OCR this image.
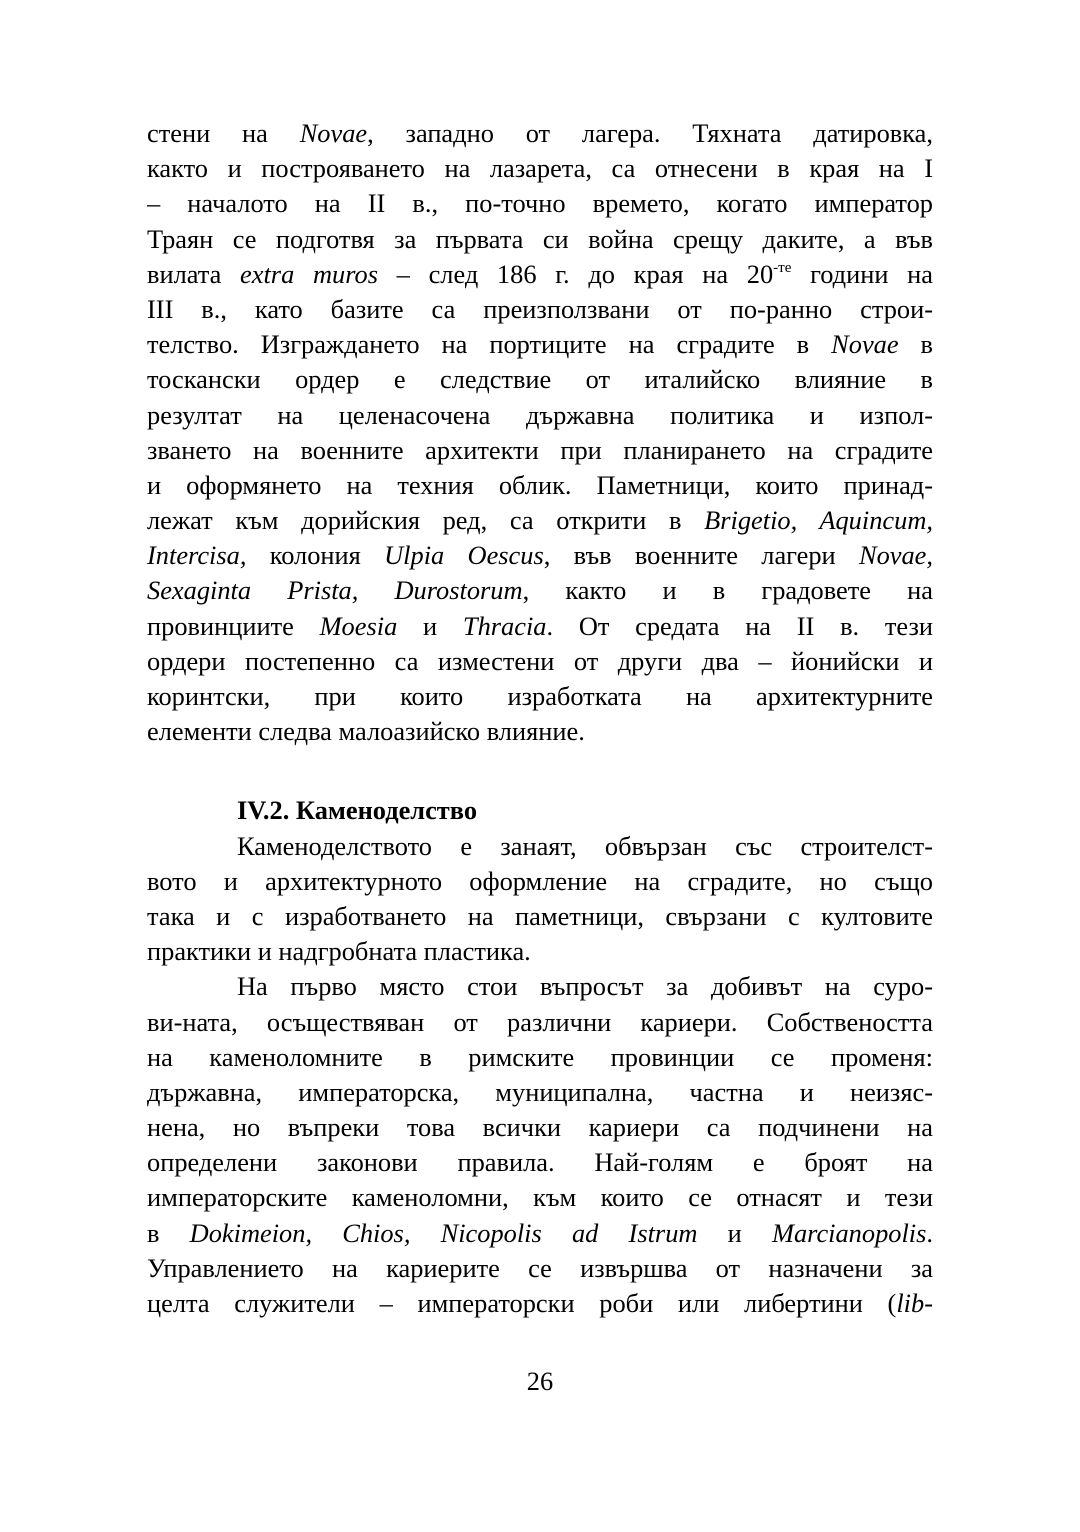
стени на Novae, западно от лагера. Тяхната датировка,
както и построяването на лазарета, са отнесени в края на I
– началото на II в., по-точно времето, когато император
Траян се подготвя за първата си война срещу даките, а във
вилата extra muros – след 186 г. до края на $20^{-те}$ години на
III в., като базите са преизползвани от по-ранно строи-
телство. Изграждането на портиците на сградите в Novae в
тоскански ордер е следствие от италийско влияние в
резултат на целенасочена държавна политика и изпол-
зването на военните архитекти при планирането на сградите
и оформянето на техния облик. Паметници, които принад-
лежат към дорийския ред, са открити в Brigetio, Aquincum,
Intercisa, колония Ulpia Oescus, във военните лагери Novae,
Sexaginta Prista, Durostorum, както и в градовете на
провинциите Moesia и Thracia. От средата на II в. тези
ордери постепенно са изместени от други два – йонийски и
коринтски, при които изработката на архитектурните
елементи следва малоазийско влияние.
IV.2. Каменоделство
Каменоделството е занаят, обвързан със строителст-
вото и архитектурното оформление на сградите, но също
така и с изработването на паметници, свързани с култовите
практики и надгробната пластика.
На първо място стои въпросът за добивът на суро-
ви-ната, осъществяван от различни кариери. Собствеността
на каменоломните в римските провинции се променя:
държавна, императорска, муниципална, частна и неизяс-
нена, но въпреки това всички кариери са подчинени на
определени законови правила. Най-голям е броят на
императорските каменоломни, към които се отнасят и тези
в Dokimeion, Chios, Nicopolis ad Istrum и Marcianopolis.
Управлението на кариерите се извършва от назначени за
целта служители – императорски роби или либертини (lib-
26
